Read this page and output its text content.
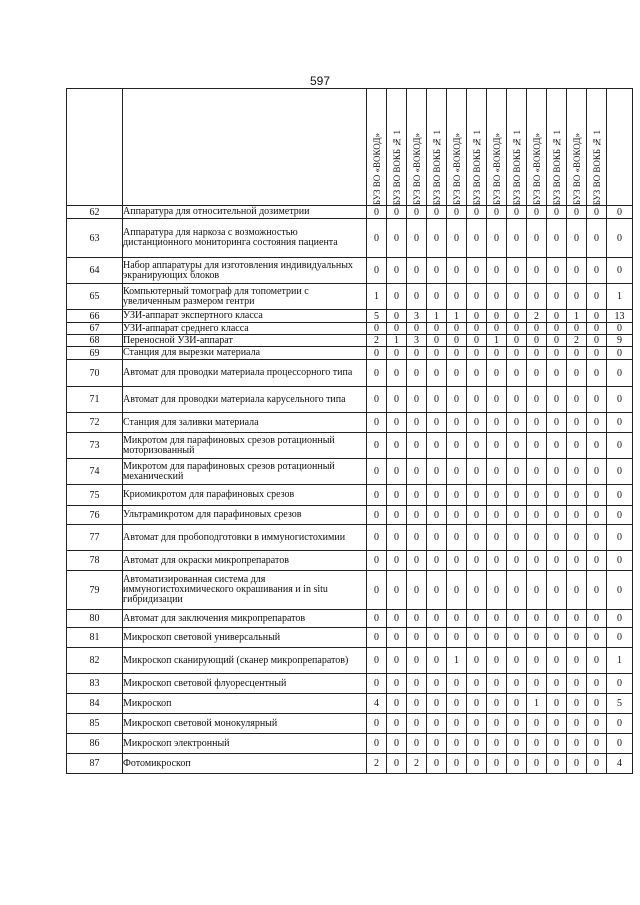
597

		БУЗ ВО «ВОКОД»	БУЗ ВО ВОКБ № 1	БУЗ ВО «ВОКОД»	БУЗ ВО ВОКБ № 1	БУЗ ВО «ВОКОД»	БУЗ ВО ВОКБ № 1	БУЗ ВО «ВОКОД»	БУЗ ВО ВОКБ № 1	БУЗ ВО «ВОКОД»	БУЗ ВО ВОКБ № 1	БУЗ ВО «ВОКОД»	БУЗ ВО ВОКБ № 1	

62	Аппаратура для относительной дозиметрии	0	0	0	0	0	0	0	0	0	0	0	0	0
63	Аппаратура для наркоза с возможностью дистанционного мониторинга состояния пациента	0	0	0	0	0	0	0	0	0	0	0	0	0
64	Набор аппаратуры для изготовления индивидуальных экранирующих блоков	0	0	0	0	0	0	0	0	0	0	0	0	0
65	Компьютерный томограф для топометрии с увеличенным размером гентри	1	0	0	0	0	0	0	0	0	0	0	0	1
66	УЗИ-аппарат экспертного класса	5	0	3	1	1	0	0	0	2	0	1	0	13
67	УЗИ-аппарат среднего класса	0	0	0	0	0	0	0	0	0	0	0	0	0
68	Переносной УЗИ-аппарат	2	1	3	0	0	0	1	0	0	0	2	0	9
69	Станция для вырезки материала	0	0	0	0	0	0	0	0	0	0	0	0	0
70	Автомат для проводки материала процессорного типа	0	0	0	0	0	0	0	0	0	0	0	0	0
71	Автомат для проводки материала карусельного типа	0	0	0	0	0	0	0	0	0	0	0	0	0
72	Станция для заливки материала	0	0	0	0	0	0	0	0	0	0	0	0	0
73	Микротом для парафиновых срезов ротационный моторизованный	0	0	0	0	0	0	0	0	0	0	0	0	0
74	Микротом для парафиновых срезов ротационный механический	0	0	0	0	0	0	0	0	0	0	0	0	0
75	Криомикротом для парафиновых срезов	0	0	0	0	0	0	0	0	0	0	0	0	0
76	Ультрамикротом для парафиновых срезов	0	0	0	0	0	0	0	0	0	0	0	0	0
77	Автомат для пробоподготовки в иммуногистохимии	0	0	0	0	0	0	0	0	0	0	0	0	0
78	Автомат для окраски микропрепаратов	0	0	0	0	0	0	0	0	0	0	0	0	0
79	Автоматизированная система для иммуногистохимического окрашивания и in situ гибридизации	0	0	0	0	0	0	0	0	0	0	0	0	0
80	Автомат для заключения микропрепаратов	0	0	0	0	0	0	0	0	0	0	0	0	0
81	Микроскоп световой универсальный	0	0	0	0	0	0	0	0	0	0	0	0	0
82	Микроскоп сканирующий (сканер микропрепаратов)	0	0	0	0	1	0	0	0	0	0	0	0	1
83	Микроскоп световой флуоресцентный	0	0	0	0	0	0	0	0	0	0	0	0	0
84	Микроскоп	4	0	0	0	0	0	0	0	1	0	0	0	5
85	Микроскоп световой монокулярный	0	0	0	0	0	0	0	0	0	0	0	0	0
86	Микроскоп электронный	0	0	0	0	0	0	0	0	0	0	0	0	0
87	Фотомикроскоп	2	0	2	0	0	0	0	0	0	0	0	0	4
